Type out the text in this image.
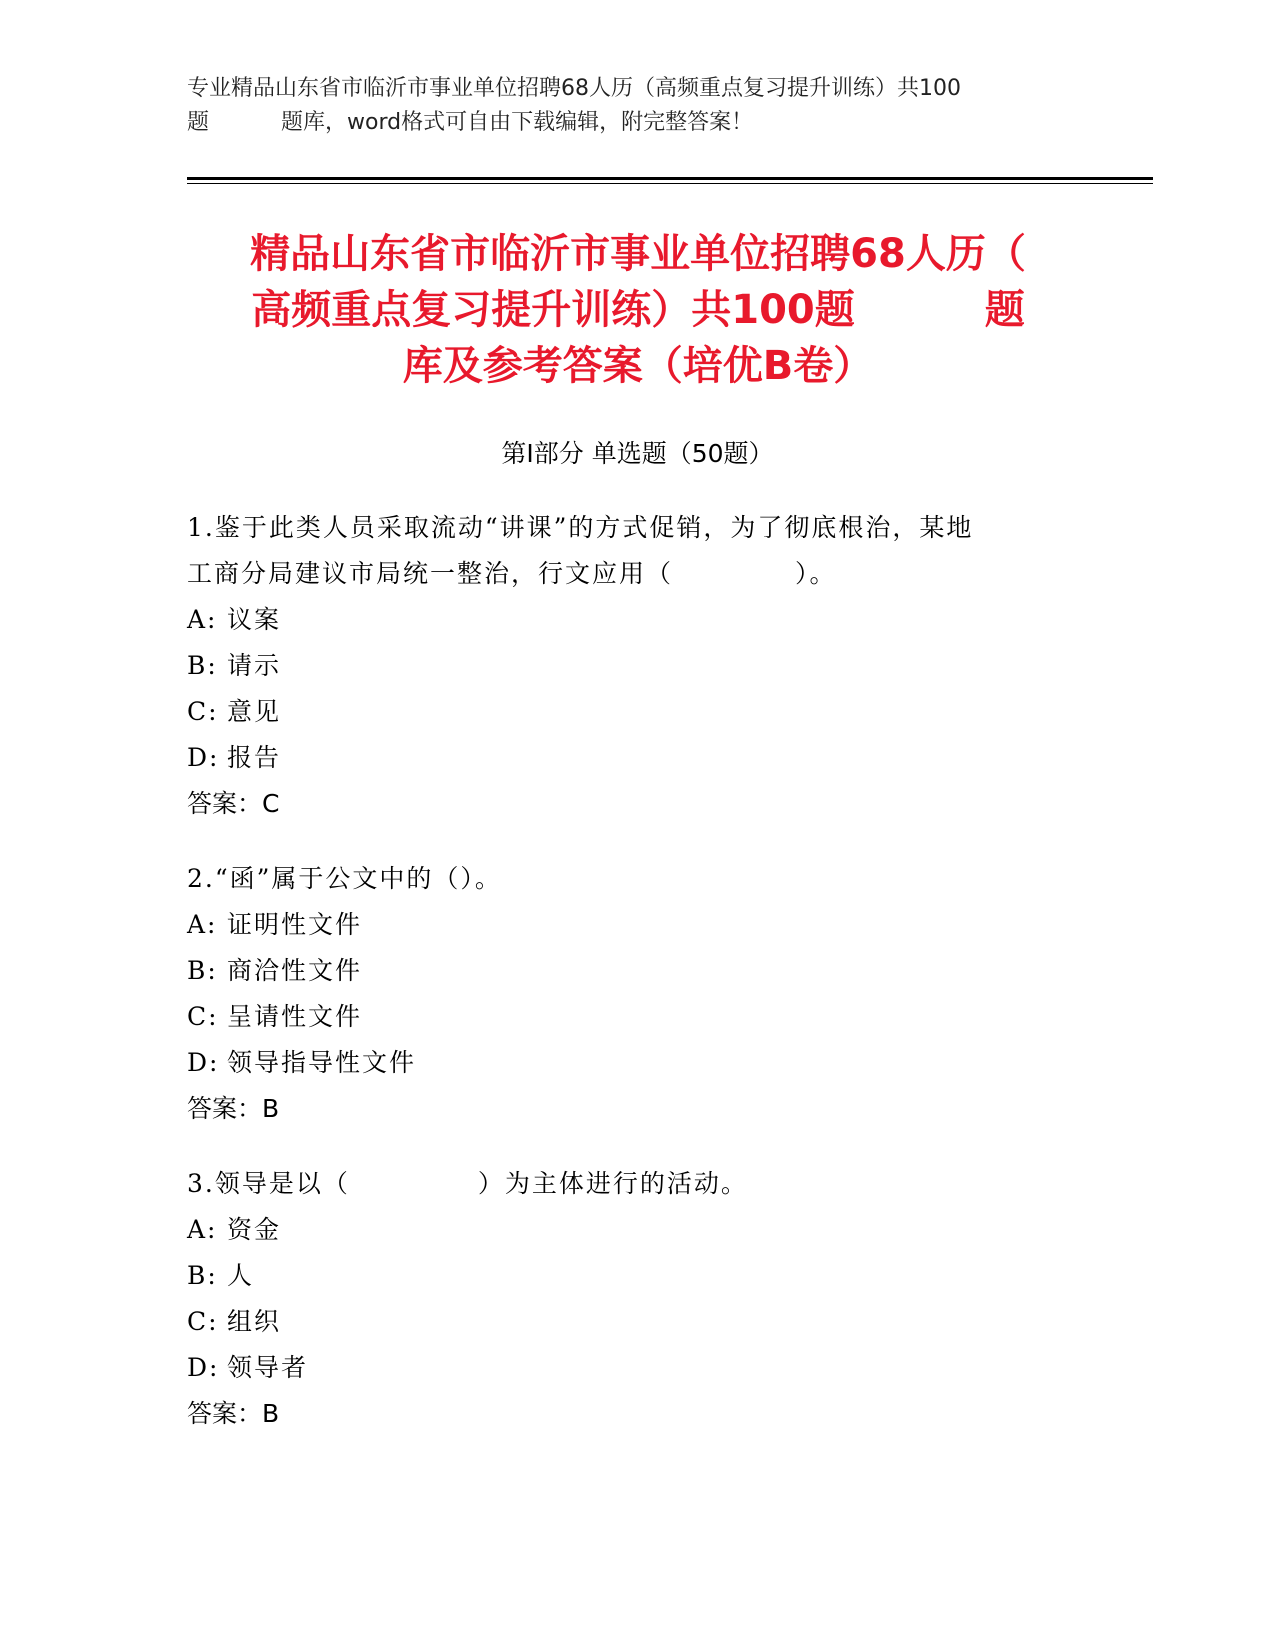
专业精品山东省市临沂市事业单位招聘68人历（高频重点复习提升训练）共100
题	题库，word格式可自由下载编辑，附完整答案！
精品山东省市临沂市事业单位招聘68人历（
高频重点复习提升训练）共100题	题
库及参考答案（培优B卷）
第Ⅰ部分 单选题（50题）
1.鉴于此类人员采取流动“讲课”的方式促销，为了彻底根治，某地
工商分局建议市局统一整治，行文应用（	）。
A: 议案
B: 请示
C: 意见
D: 报告
答案：C
2.“函”属于公文中的（）。
A: 证明性文件
B: 商洽性文件
C: 呈请性文件
D: 领导指导性文件
答案：B
3.领导是以（	）为主体进行的活动。
A: 资金
B: 人
C: 组织
D: 领导者
答案：B
